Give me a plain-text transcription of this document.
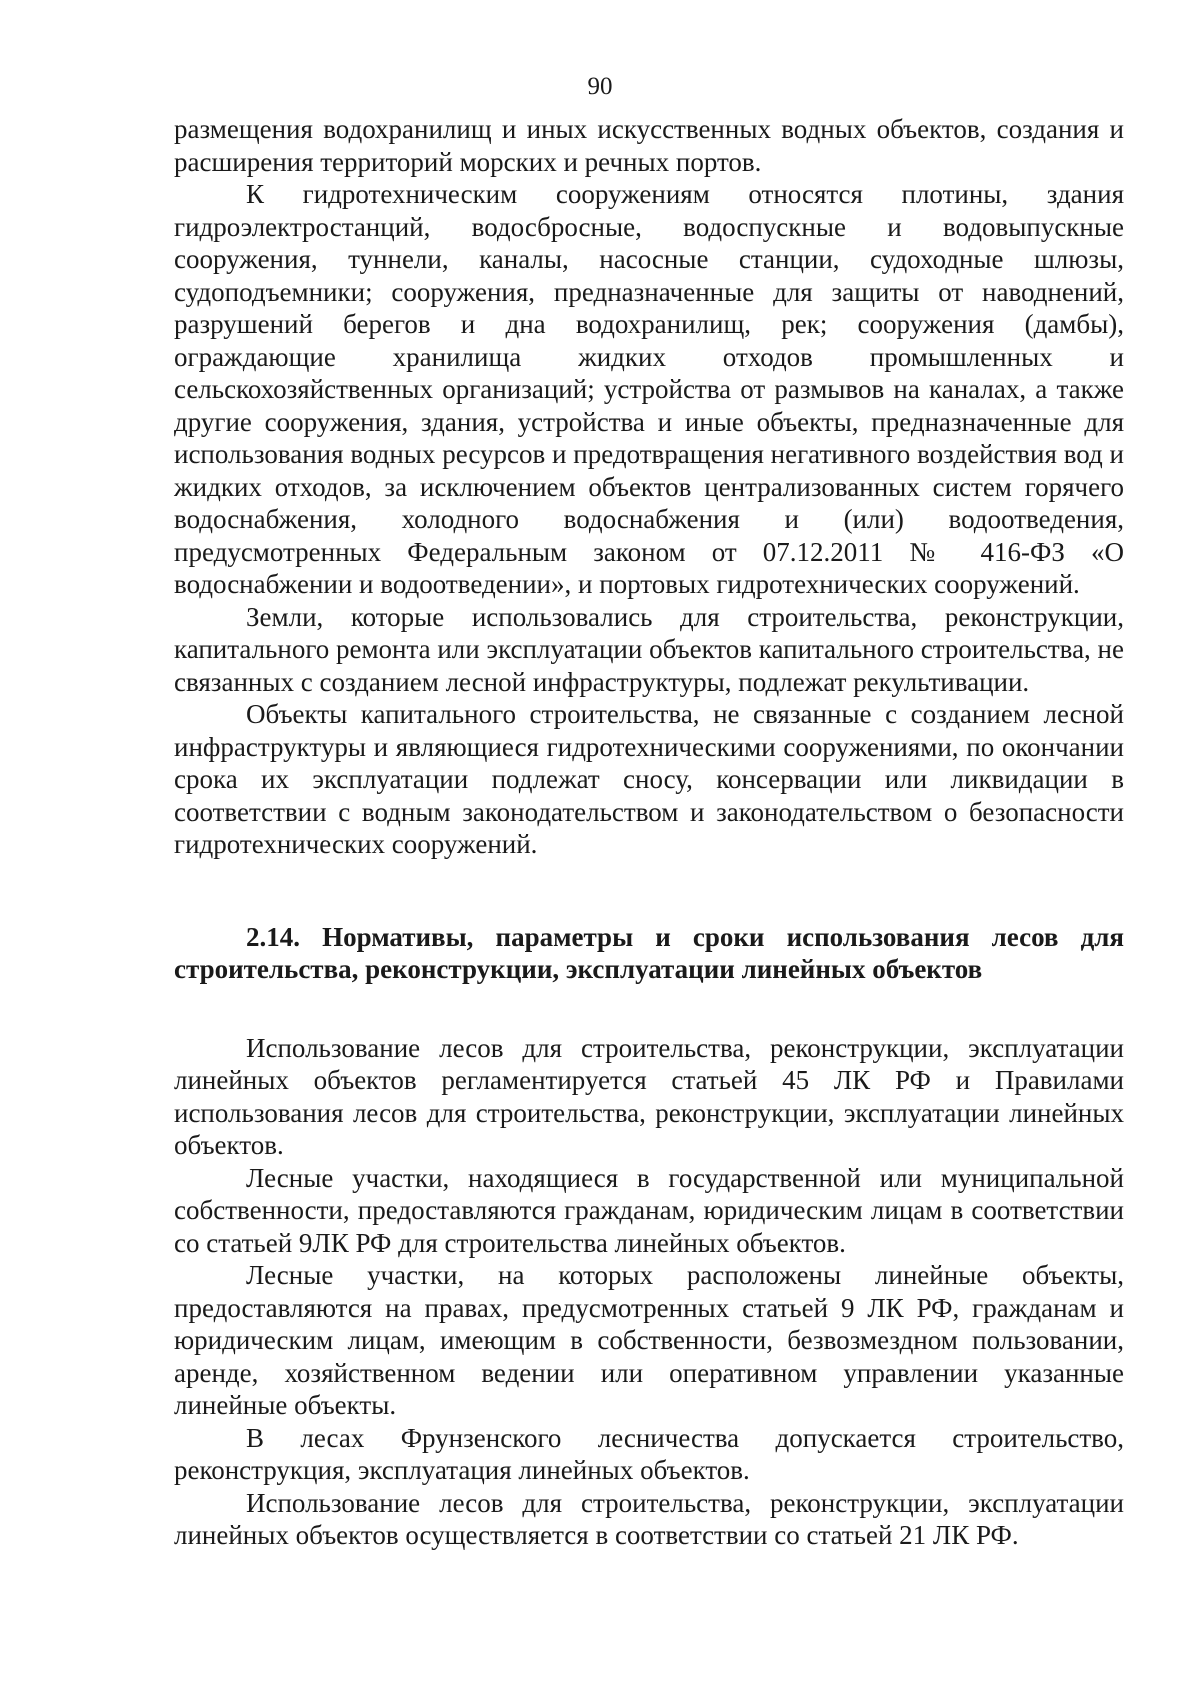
90

размещения водохранилищ и иных искусственных водных объектов, создания и расширения территорий морских и речных портов.

К гидротехническим сооружениям относятся плотины, здания гидроэлектростанций, водосбросные, водоспускные и водовыпускные сооружения, туннели, каналы, насосные станции, судоходные шлюзы, судоподъемники; сооружения, предназначенные для защиты от наводнений, разрушений берегов и дна водохранилищ, рек; сооружения (дамбы), ограждающие хранилища жидких отходов промышленных и сельскохозяйственных организаций; устройства от размывов на каналах, а также другие сооружения, здания, устройства и иные объекты, предназначенные для использования водных ресурсов и предотвращения негативного воздействия вод и жидких отходов, за исключением объектов централизованных систем горячего водоснабжения, холодного водоснабжения и (или) водоотведения, предусмотренных Федеральным законом от 07.12.2011 № 416-ФЗ «О водоснабжении и водоотведении», и портовых гидротехнических сооружений.

Земли, которые использовались для строительства, реконструкции, капитального ремонта или эксплуатации объектов капитального строительства, не связанных с созданием лесной инфраструктуры, подлежат рекультивации.

Объекты капитального строительства, не связанные с созданием лесной инфраструктуры и являющиеся гидротехническими сооружениями, по окончании срока их эксплуатации подлежат сносу, консервации или ликвидации в соответствии с водным законодательством и законодательством о безопасности гидротехнических сооружений.

2.14. Нормативы, параметры и сроки использования лесов для строительства, реконструкции, эксплуатации линейных объектов

Использование лесов для строительства, реконструкции, эксплуатации линейных объектов регламентируется статьей 45 ЛК РФ и Правилами использования лесов для строительства, реконструкции, эксплуатации линейных объектов.

Лесные участки, находящиеся в государственной или муниципальной собственности, предоставляются гражданам, юридическим лицам в соответствии со статьей 9ЛК РФ для строительства линейных объектов.

Лесные участки, на которых расположены линейные объекты, предоставляются на правах, предусмотренных статьей 9 ЛК РФ, гражданам и юридическим лицам, имеющим в собственности, безвозмездном пользовании, аренде, хозяйственном ведении или оперативном управлении указанные линейные объекты.

В лесах Фрунзенского лесничества допускается строительство, реконструкция, эксплуатация линейных объектов.

Использование лесов для строительства, реконструкции, эксплуатации линейных объектов осуществляется в соответствии со статьей 21 ЛК РФ.
